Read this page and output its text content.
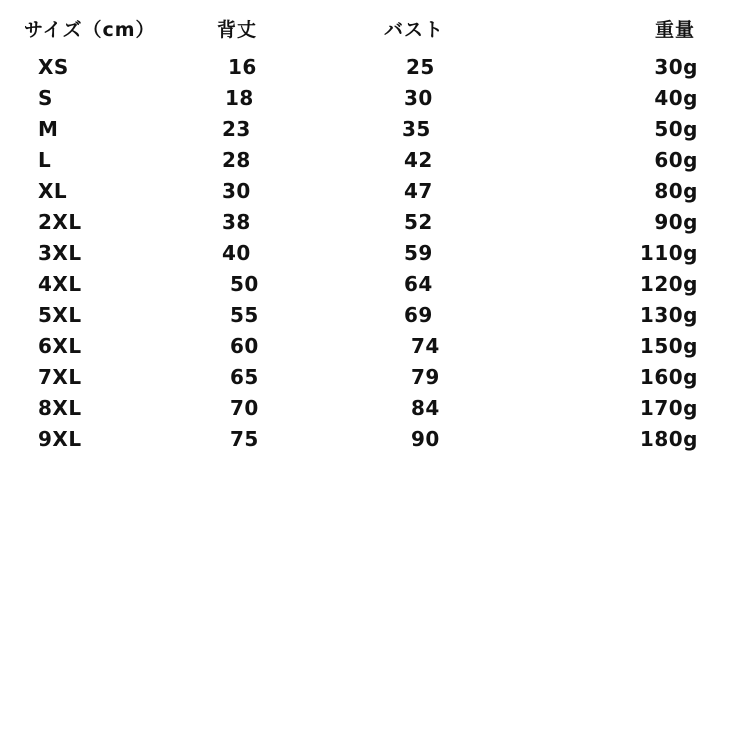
サイズ（cm）	背丈	バスト	重量
XS	16	25	30g
S	18	30	40g
M	23	35	50g
L	28	42	60g
XL	30	47	80g
2XL	38	52	90g
3XL	40	59	110g
4XL	50	64	120g
5XL	55	69	130g
6XL	60	74	150g
7XL	65	79	160g
8XL	70	84	170g
9XL	75	90	180g
